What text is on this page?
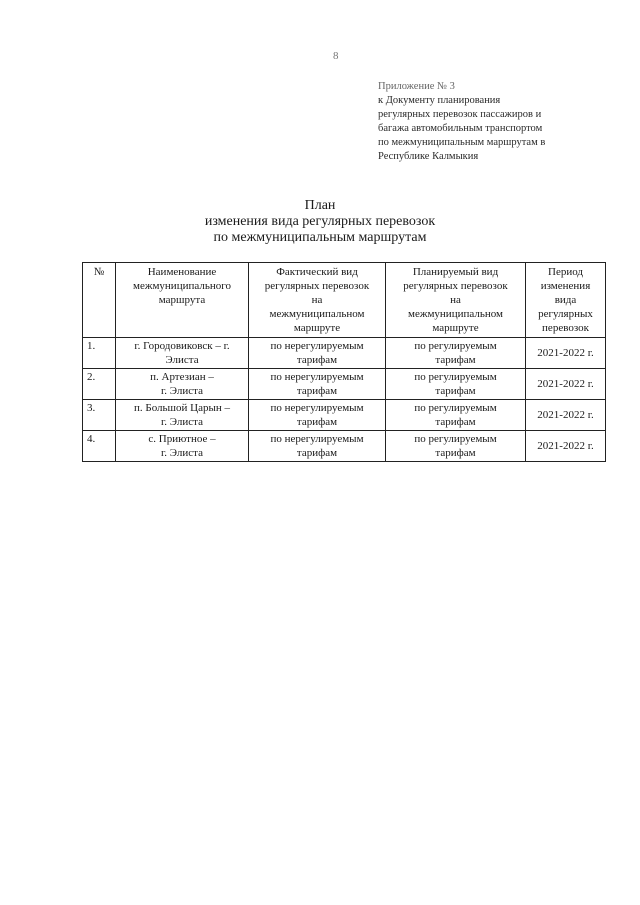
8
Приложение № 3
к Документу планирования
регулярных перевозок пассажиров и
багажа автомобильным транспортом
по межмуниципальным маршрутам в
Республике Калмыкия
План
изменения вида регулярных перевозок
по межмуниципальным маршрутам
№	Наименование
межмуниципального
маршрута	Фактический вид
регулярных перевозок
на
межмуниципальном
маршруте	Планируемый вид
регулярных перевозок
на
межмуниципальном
маршруте	Период
изменения
вида
регулярных
перевозок
1.	г. Городовиковск – г.
Элиста	по нерегулируемым
тарифам	по регулируемым
тарифам	2021-2022 г.
2.	п. Артезиан –
г. Элиста	по нерегулируемым
тарифам	по регулируемым
тарифам	2021-2022 г.
3.	п. Большой Царын –
г. Элиста	по нерегулируемым
тарифам	по регулируемым
тарифам	2021-2022 г.
4.	с. Приютное –
г. Элиста	по нерегулируемым
тарифам	по регулируемым
тарифам	2021-2022 г.
